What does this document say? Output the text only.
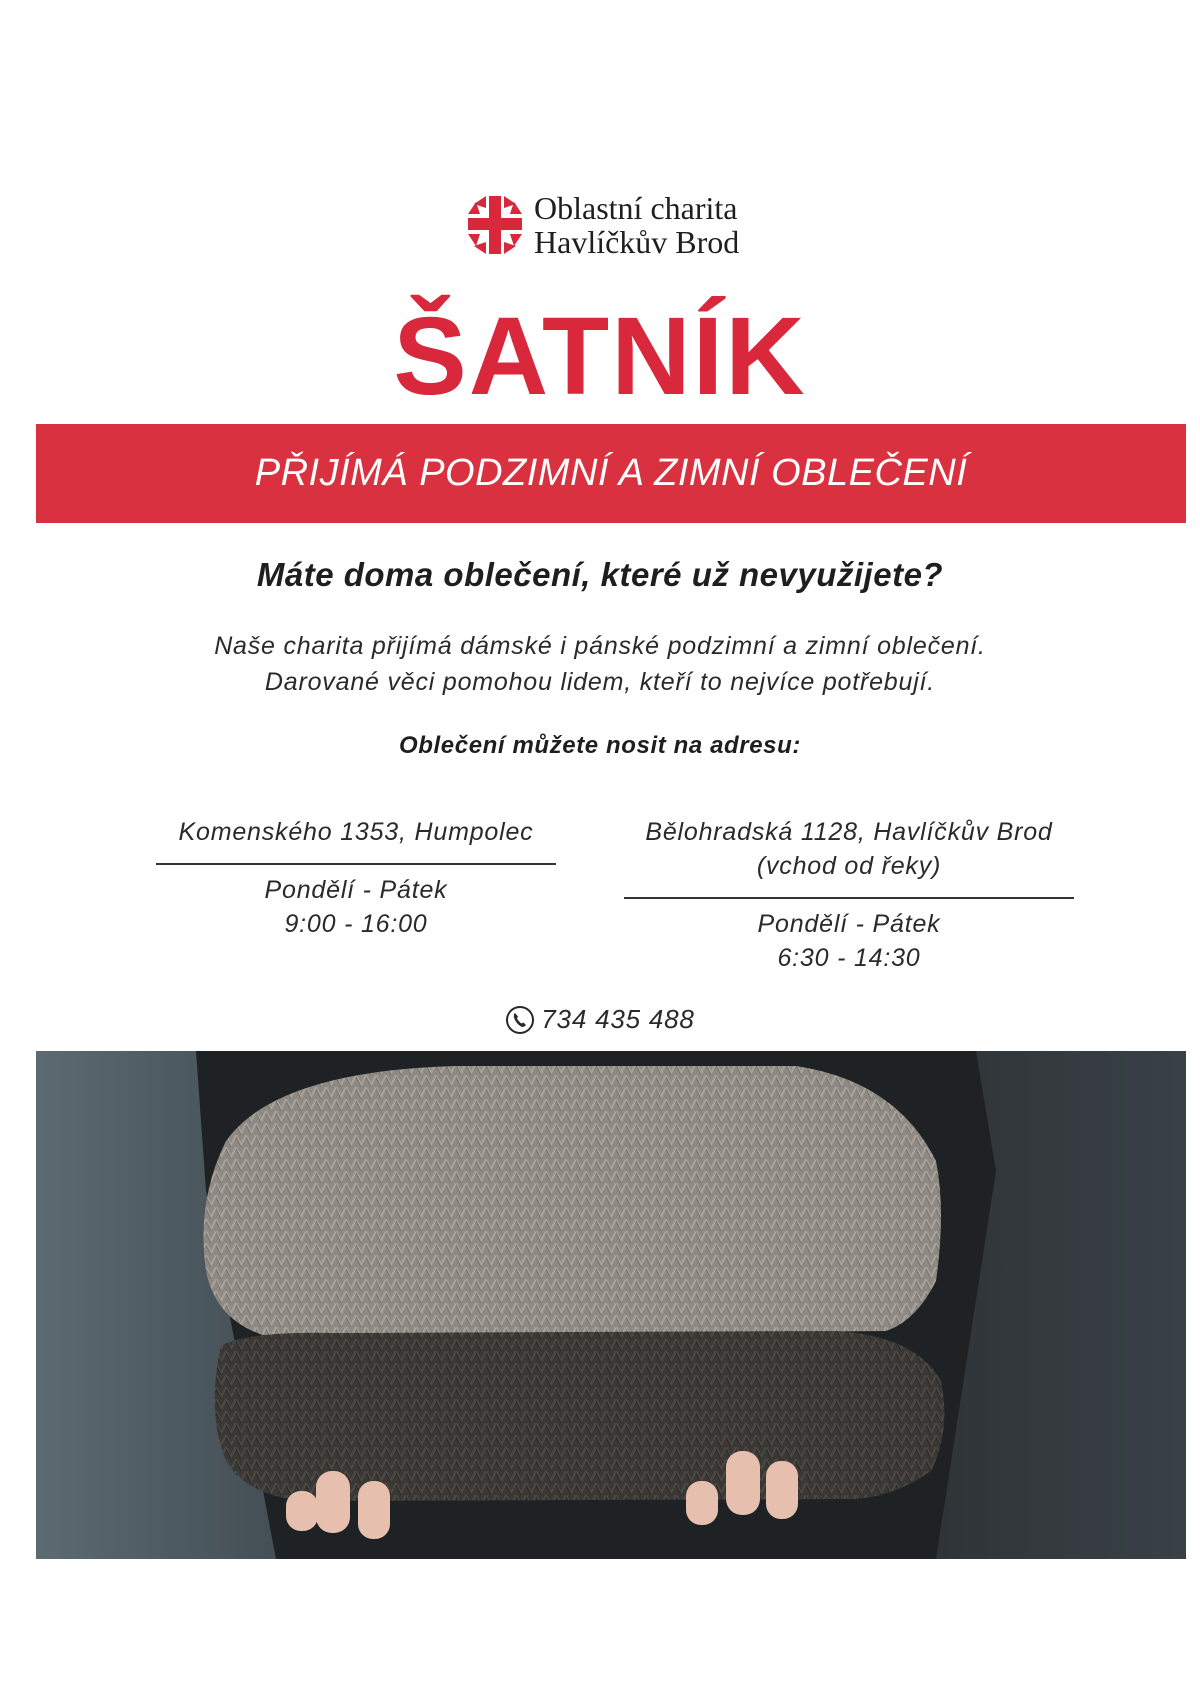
Oblastní charita
Havlíčkův Brod
ŠATNÍK
PŘIJÍMÁ PODZIMNÍ A ZIMNÍ OBLEČENÍ
Máte doma oblečení, které už nevyužijete?
Naše charita přijímá dámské i pánské podzimní a zimní oblečení.
Darované věci pomohou lidem, kteří to nejvíce potřebují.
Oblečení můžete nosit na adresu:
Komenského 1353, Humpolec
Pondělí - Pátek
9:00 - 16:00
Bělohradská 1128, Havlíčkův Brod
(vchod od řeky)
Pondělí - Pátek
6:30 - 14:30
734 435 488
